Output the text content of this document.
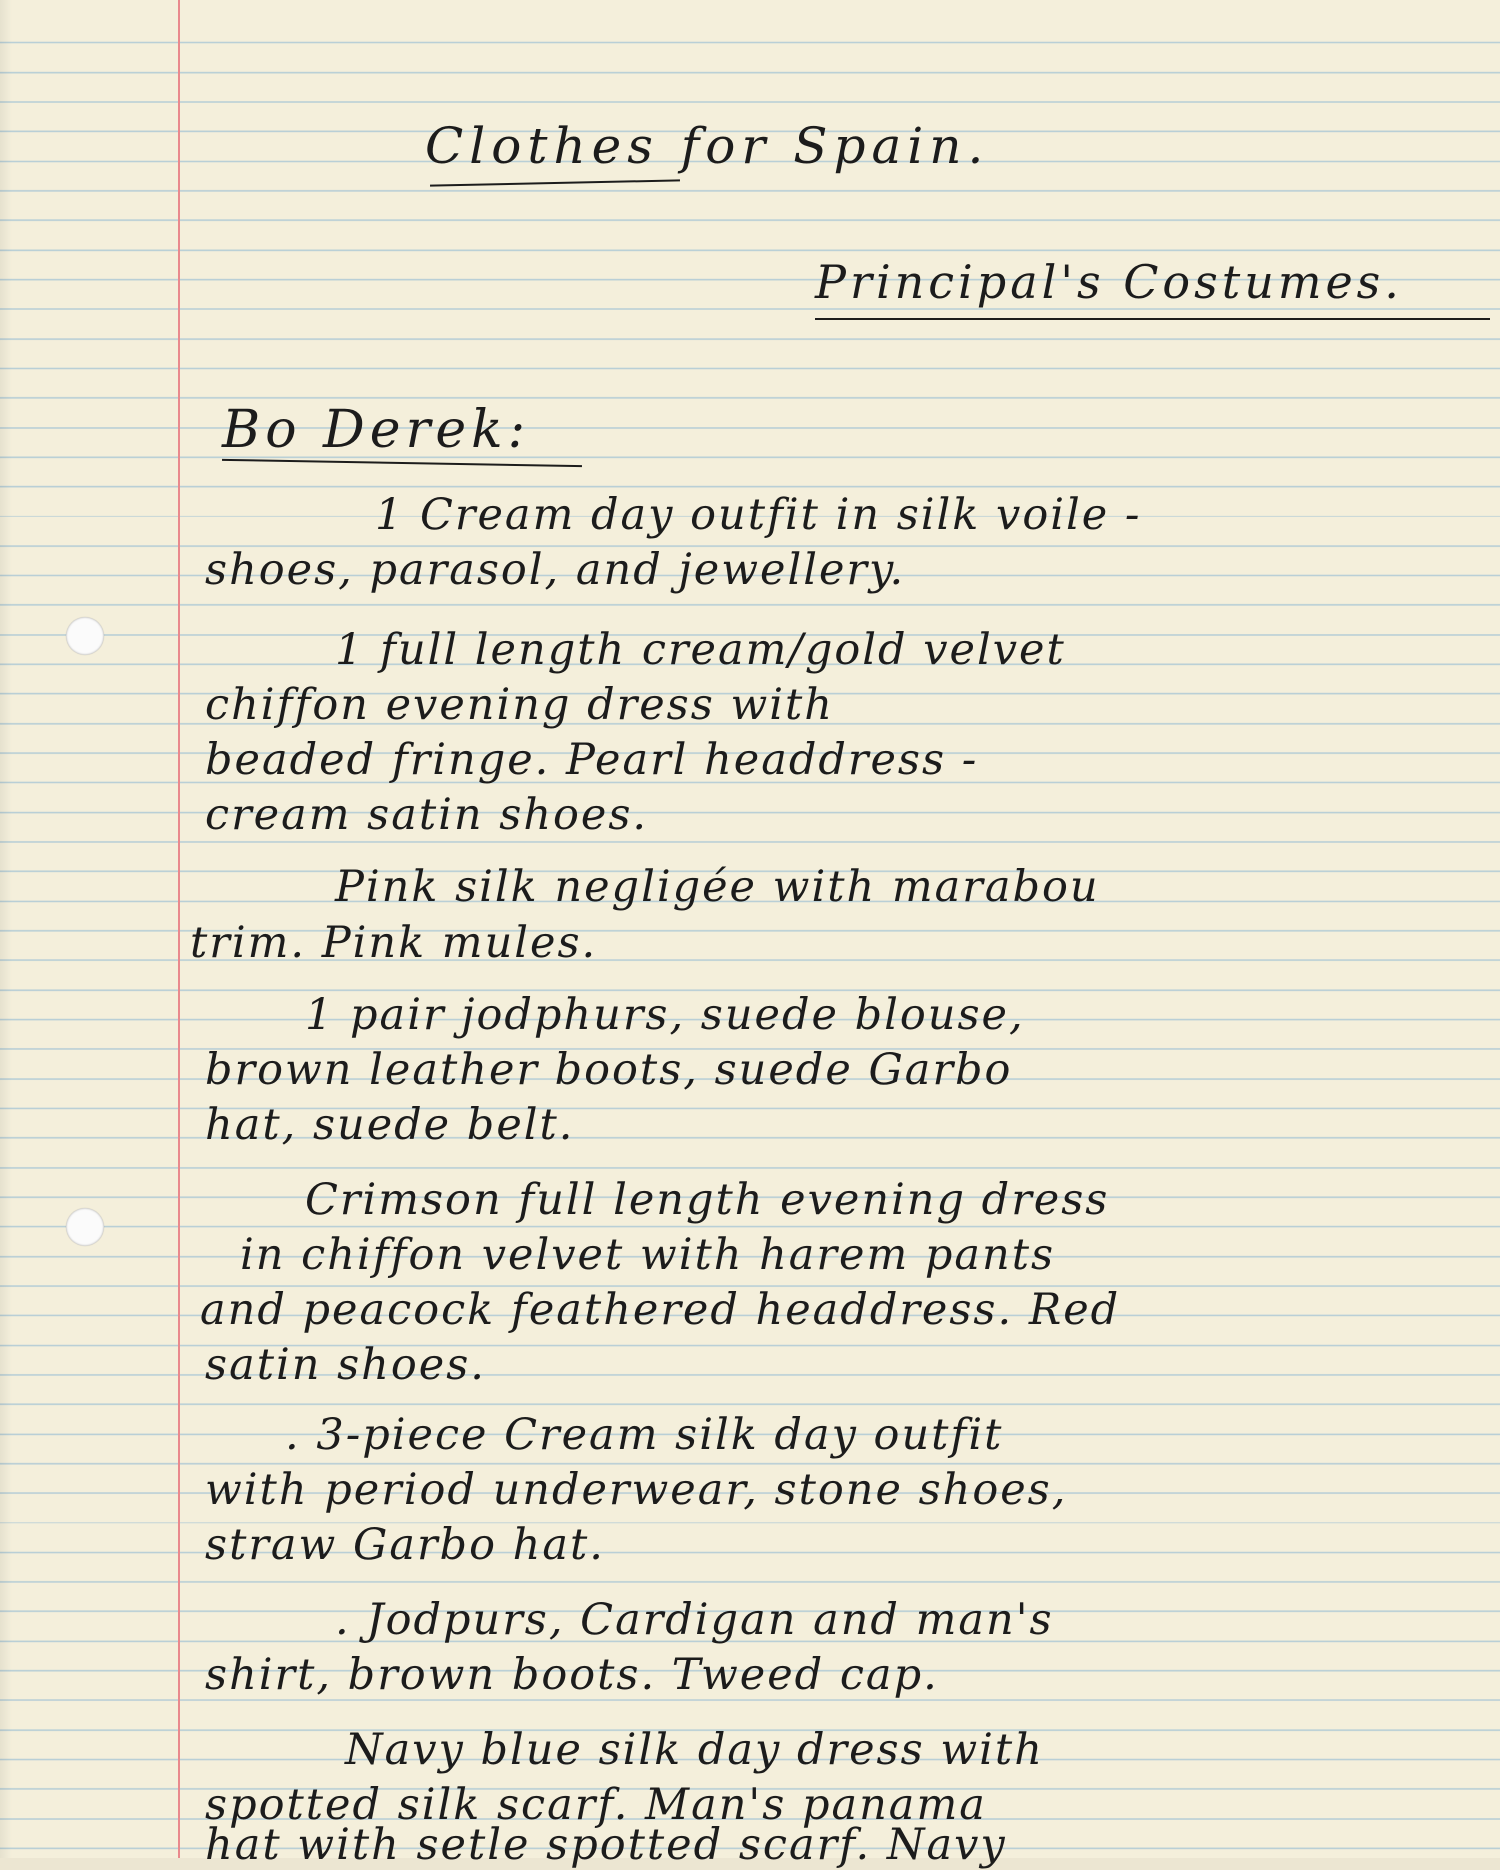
Clothes for Spain.

Principal's Costumes.

Bo Derek:

1 Cream day outfit in silk voile -

shoes, parasol, and jewellery.

1 full length cream/gold velvet

chiffon evening dress with

beaded fringe. Pearl headdress -

cream satin shoes.

Pink silk negligée with marabou

trim. Pink mules.

1 pair jodphurs, suede blouse,

brown leather boots, suede Garbo

hat, suede belt.

Crimson full length evening dress

in chiffon velvet with harem pants

and peacock feathered headdress. Red

satin shoes.

. 3-piece Cream silk day outfit

with period underwear, stone shoes,

straw Garbo hat.

. Jodpurs, Cardigan and man's

shirt, brown boots. Tweed cap.

Navy blue silk day dress with

spotted silk scarf. Man's panama

hat with setle spotted scarf. Navy
